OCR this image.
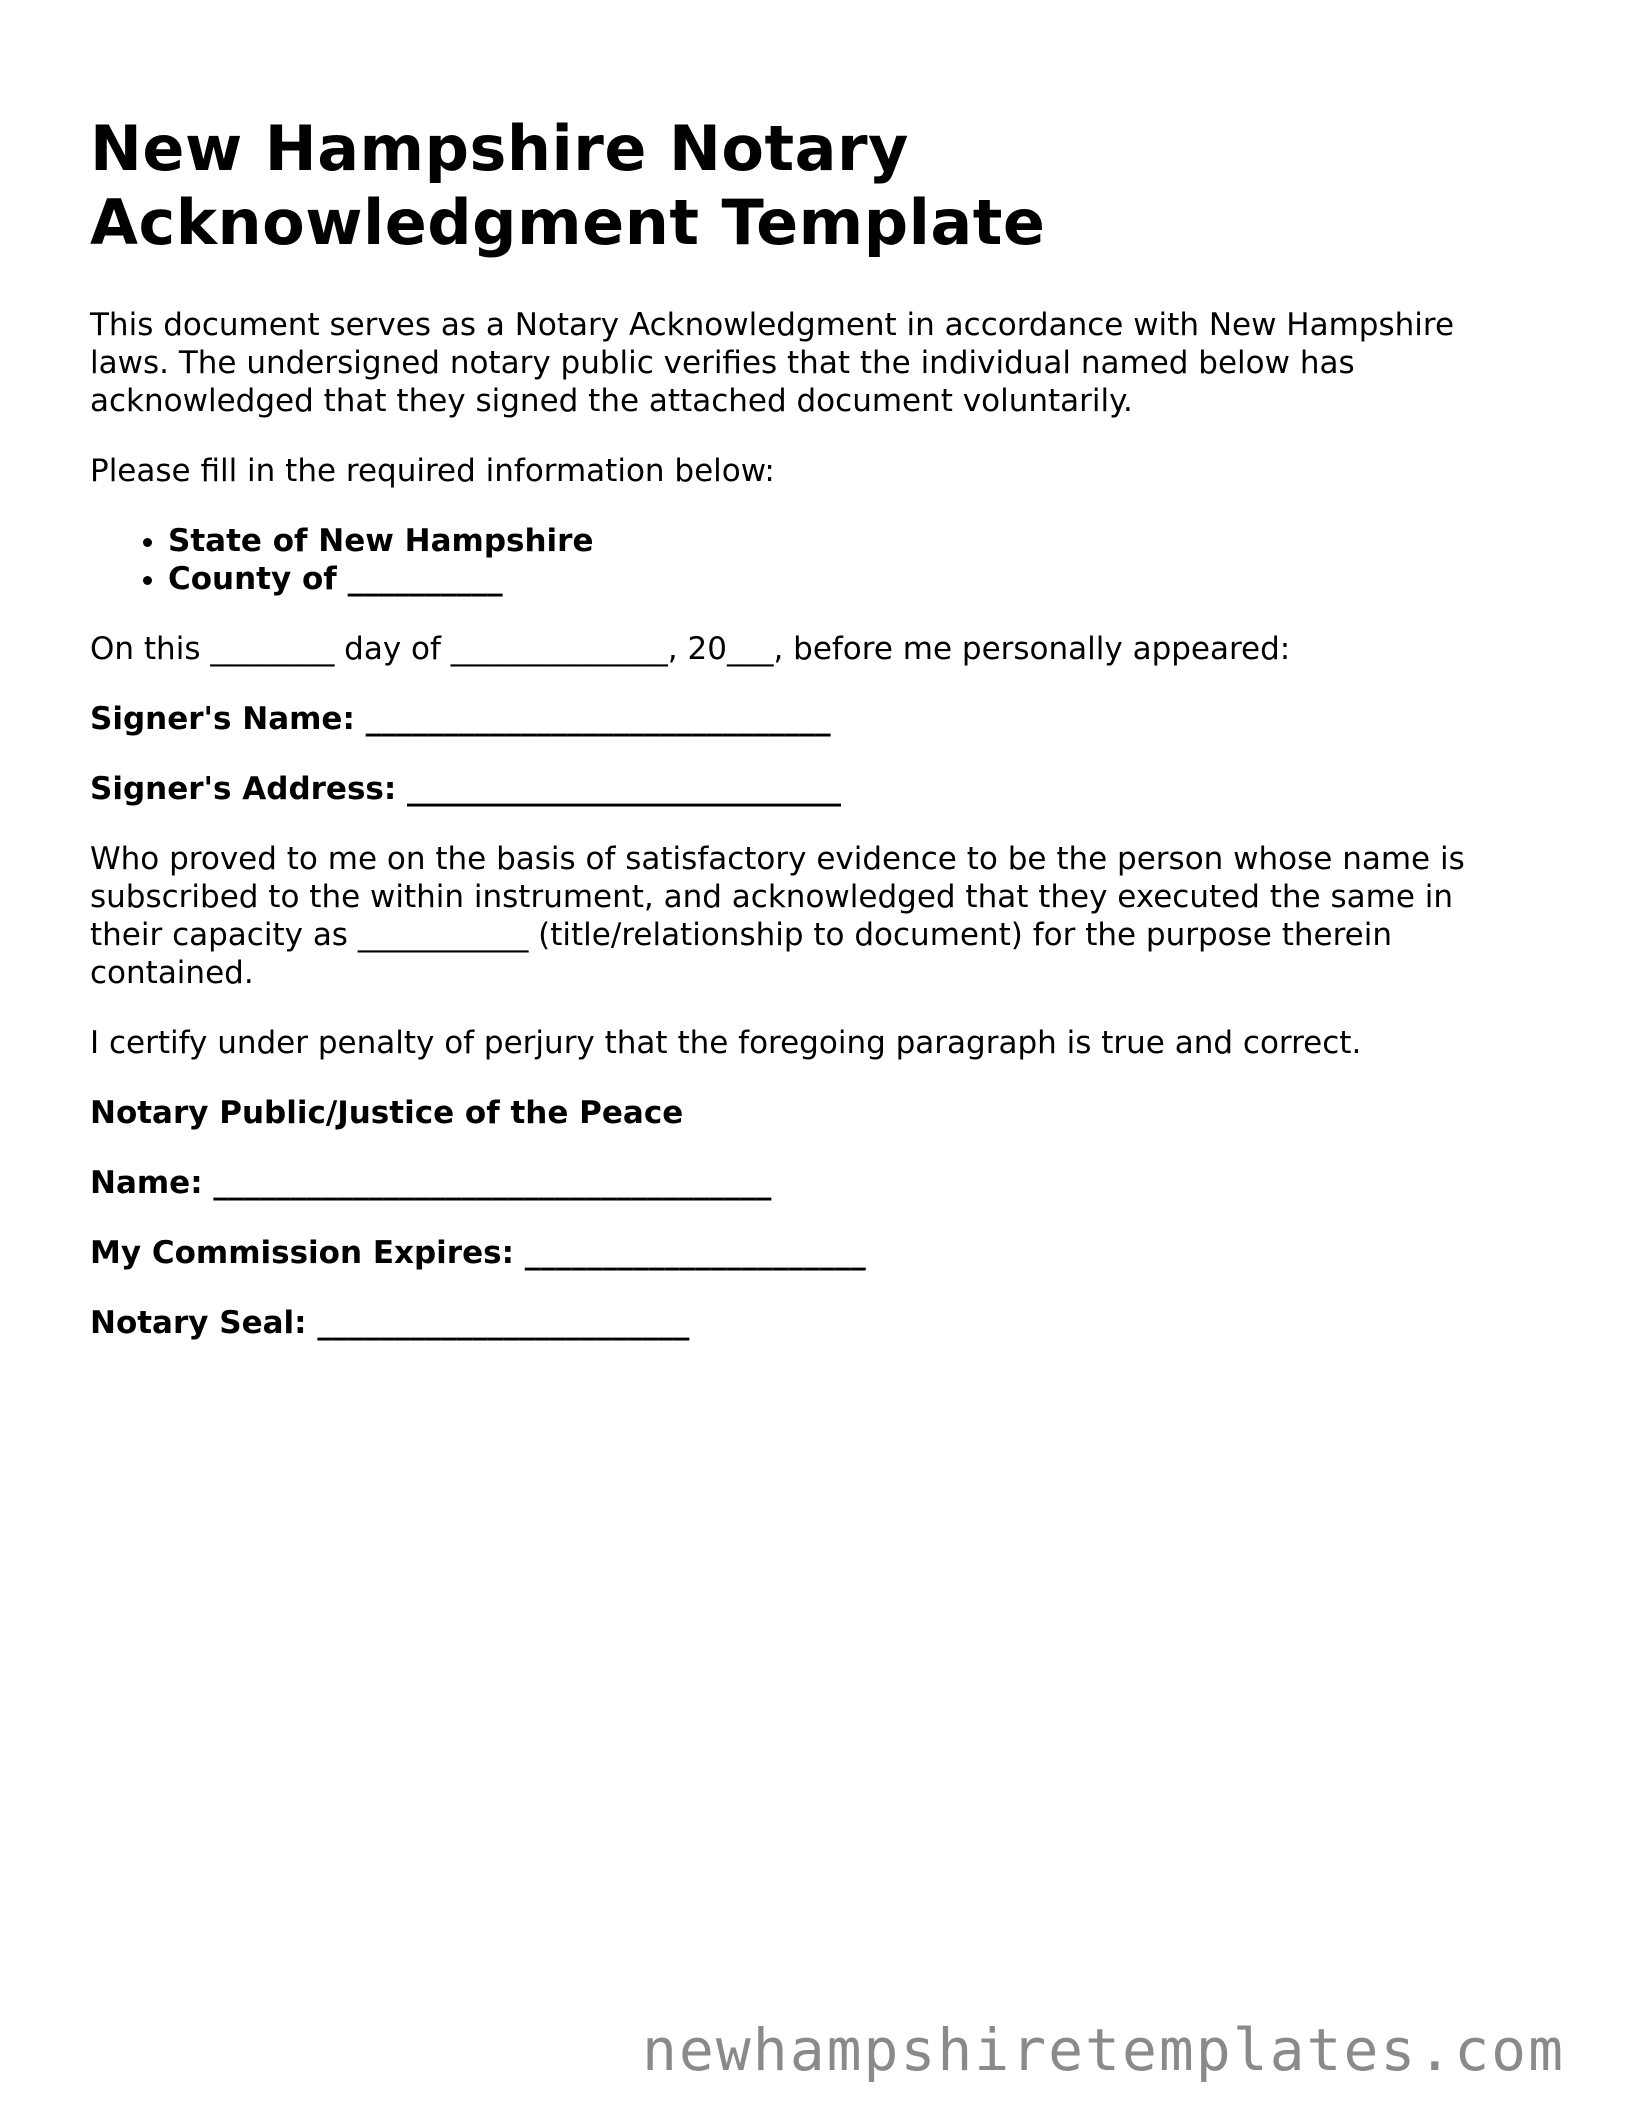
New Hampshire Notary Acknowledgment Template

This document serves as a Notary Acknowledgment in accordance with New Hampshire laws. The undersigned notary public verifies that the individual named below has acknowledged that they signed the attached document voluntarily.

Please fill in the required information below:

• State of New Hampshire
• County of __________

On this ________ day of ______________, 20___, before me personally appeared:

Signer's Name: ______________________________

Signer's Address: ____________________________

Who proved to me on the basis of satisfactory evidence to be the person whose name is subscribed to the within instrument, and acknowledged that they executed the same in their capacity as ___________ (title/relationship to document) for the purpose therein contained.

I certify under penalty of perjury that the foregoing paragraph is true and correct.

Notary Public/Justice of the Peace

Name: ____________________________________

My Commission Expires: ______________________

Notary Seal: ________________________

newhampshiretemplates.com
